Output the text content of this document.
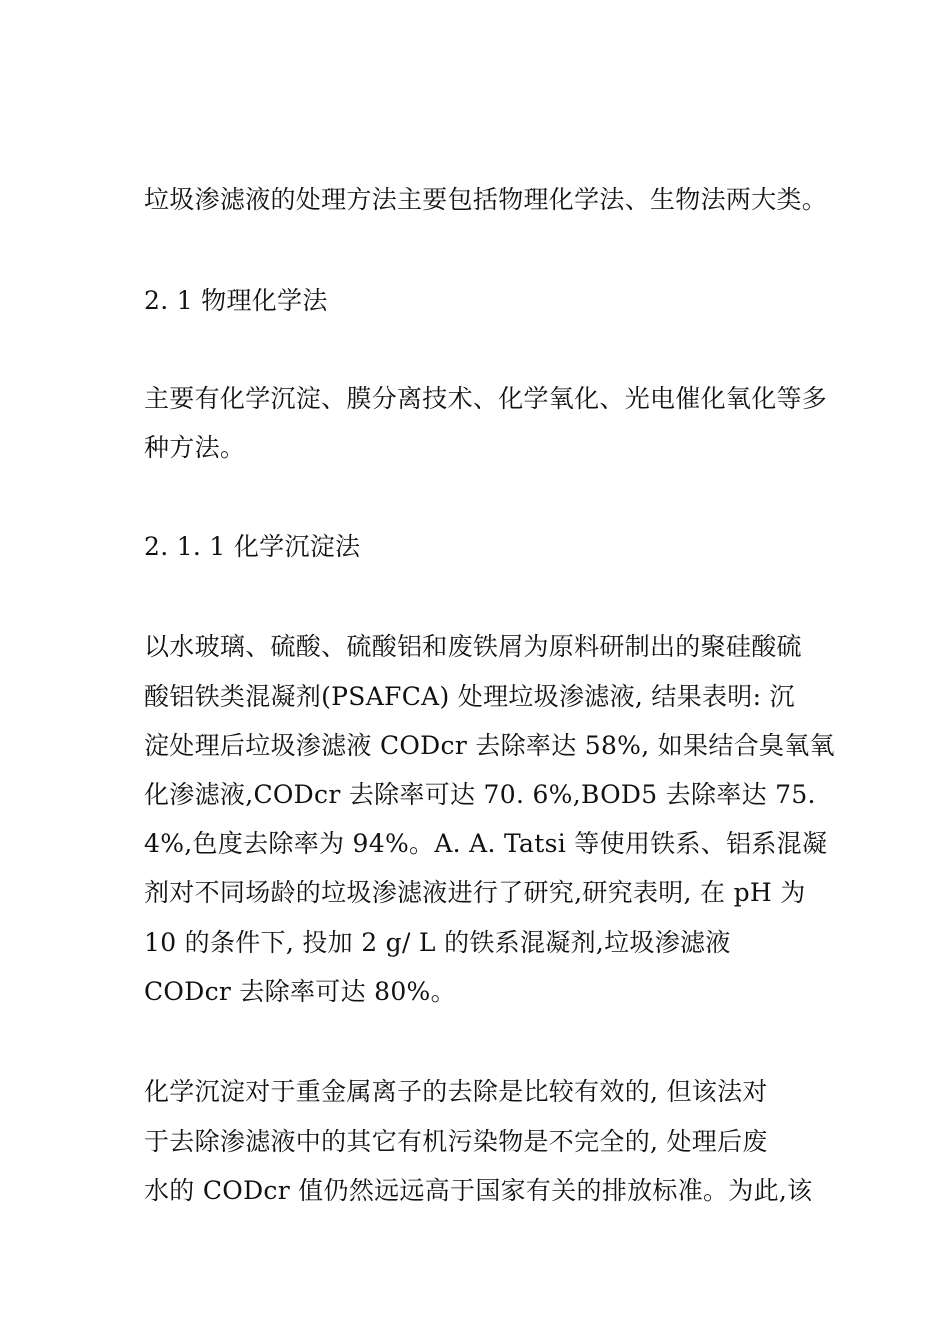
垃圾渗滤液的处理方法主要包括物理化学法、生物法两大类。
2. 1 物理化学法
主要有化学沉淀、膜分离技术、化学氧化、光电催化氧化等多
种方法。
2. 1. 1 化学沉淀法
以水玻璃、硫酸、硫酸铝和废铁屑为原料研制出的聚硅酸硫
酸铝铁类混凝剂(PSAFCA) 处理垃圾渗滤液, 结果表明: 沉
淀处理后垃圾渗滤液 CODcr 去除率达 58%, 如果结合臭氧氧
化渗滤液,CODcr 去除率可达 70. 6%,BOD5 去除率达 75.
4%,色度去除率为 94%。A. A. Tatsi 等使用铁系、铝系混凝
剂对不同场龄的垃圾渗滤液进行了研究,研究表明, 在 pH 为
10 的条件下, 投加 2 g/ L 的铁系混凝剂,垃圾渗滤液
CODcr 去除率可达 80%。
化学沉淀对于重金属离子的去除是比较有效的, 但该法对
于去除渗滤液中的其它有机污染物是不完全的, 处理后废
水的 CODcr 值仍然远远高于国家有关的排放标准。为此,该
